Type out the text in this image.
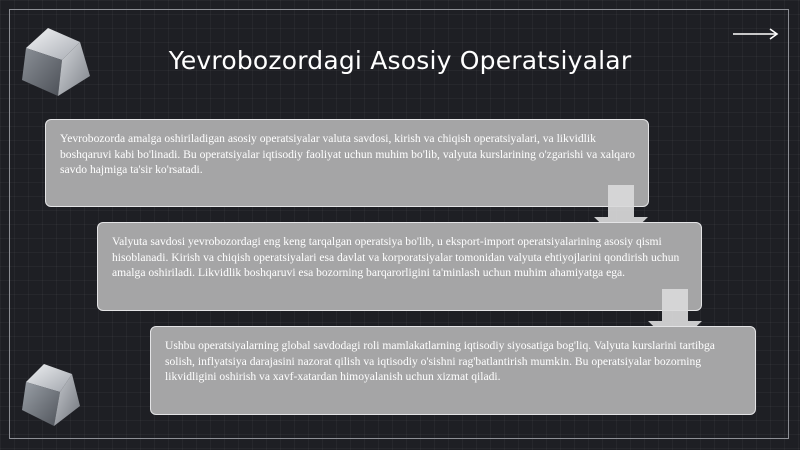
Yevrobozordagi Asosiy Operatsiyalar
Yevrobozorda amalga oshiriladigan asosiy operatsiyalar valuta savdosi, kirish va chiqish operatsiyalari, va likvidlik boshqaruvi kabi bo'linadi. Bu operatsiyalar iqtisodiy faoliyat uchun muhim bo'lib, valyuta kurslarining o'zgarishi va xalqaro savdo hajmiga ta'sir ko'rsatadi.
Valyuta savdosi yevrobozordagi eng keng tarqalgan operatsiya bo'lib, u eksport-import operatsiyalarining asosiy qismi hisoblanadi. Kirish va chiqish operatsiyalari esa davlat va korporatsiyalar tomonidan valyuta ehtiyojlarini qondirish uchun amalga oshiriladi. Likvidlik boshqaruvi esa bozorning barqarorligini ta'minlash uchun muhim ahamiyatga ega.
Ushbu operatsiyalarning global savdodagi roli mamlakatlarning iqtisodiy siyosatiga bog'liq. Valyuta kurslarini tartibga solish, inflyatsiya darajasini nazorat qilish va iqtisodiy o'sishni rag'batlantirish mumkin. Bu operatsiyalar bozorning likvidligini oshirish va xavf-xatardan himoyalanish uchun xizmat qiladi.
